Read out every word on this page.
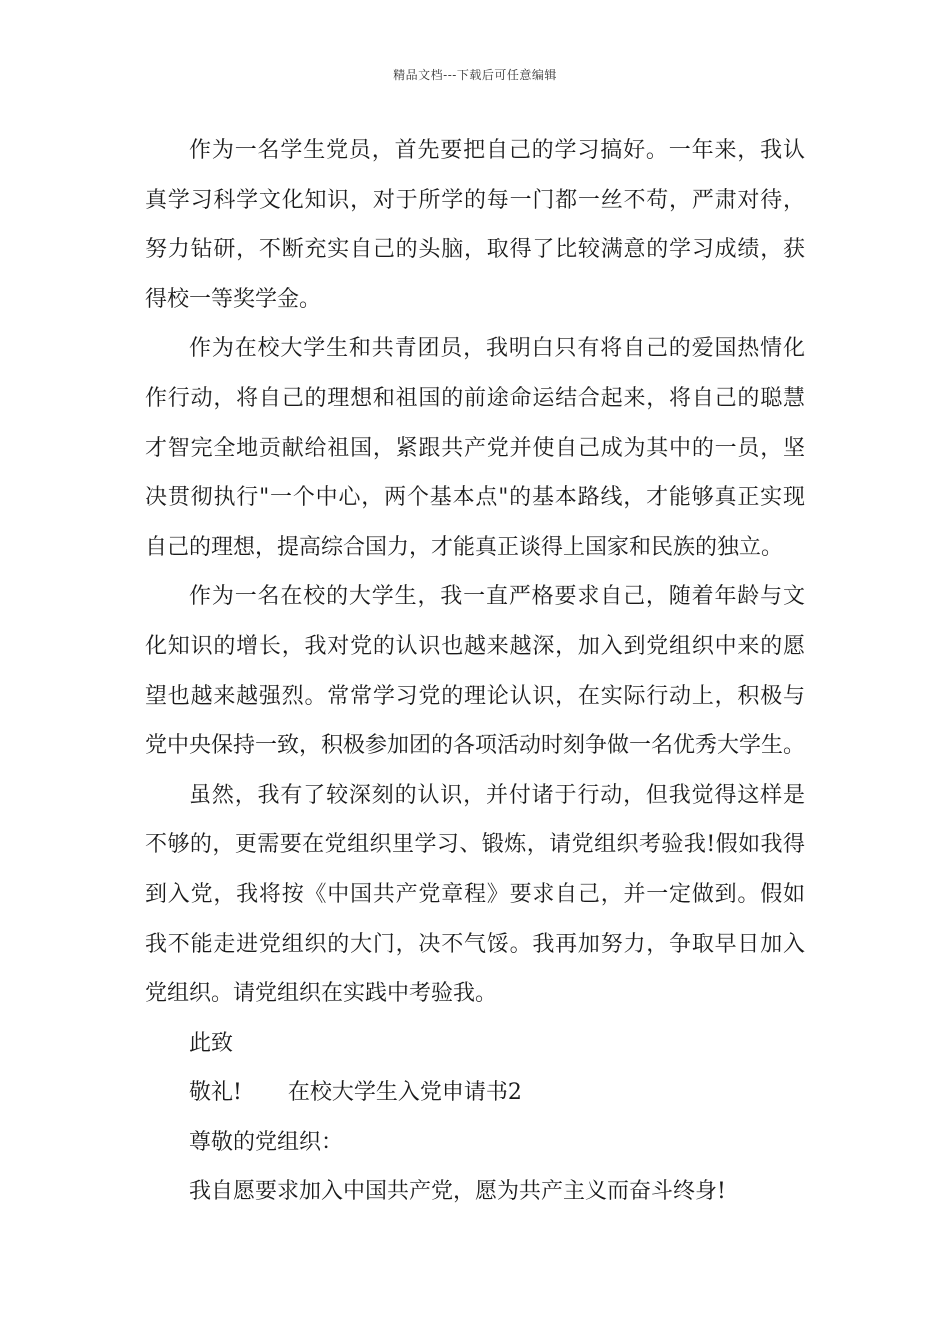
精品文档---下载后可任意编辑
作为一名学生党员，首先要把自己的学习搞好。一年来，我认
真学习科学文化知识，对于所学的每一门都一丝不苟，严肃对待，
努力钻研，不断充实自己的头脑，取得了比较满意的学习成绩，获
得校一等奖学金。
作为在校大学生和共青团员，我明白只有将自己的爱国热情化
作行动，将自己的理想和祖国的前途命运结合起来，将自己的聪慧
才智完全地贡献给祖国，紧跟共产党并使自己成为其中的一员，坚
决贯彻执行"一个中心，两个基本点"的基本路线，才能够真正实现
自己的理想，提高综合国力，才能真正谈得上国家和民族的独立。
作为一名在校的大学生，我一直严格要求自己，随着年龄与文
化知识的增长，我对党的认识也越来越深，加入到党组织中来的愿
望也越来越强烈。常常学习党的理论认识，在实际行动上，积极与
党中央保持一致，积极参加团的各项活动时刻争做一名优秀大学生。
虽然，我有了较深刻的认识，并付诸于行动，但我觉得这样是
不够的，更需要在党组织里学习、锻炼，请党组织考验我!假如我得
到入党，我将按《中国共产党章程》要求自己，并一定做到。假如
我不能走进党组织的大门，决不气馁。我再加努力，争取早日加入
党组织。请党组织在实践中考验我。
此致
敬礼! 在校大学生入党申请书2
尊敬的党组织：
我自愿要求加入中国共产党，愿为共产主义而奋斗终身!
